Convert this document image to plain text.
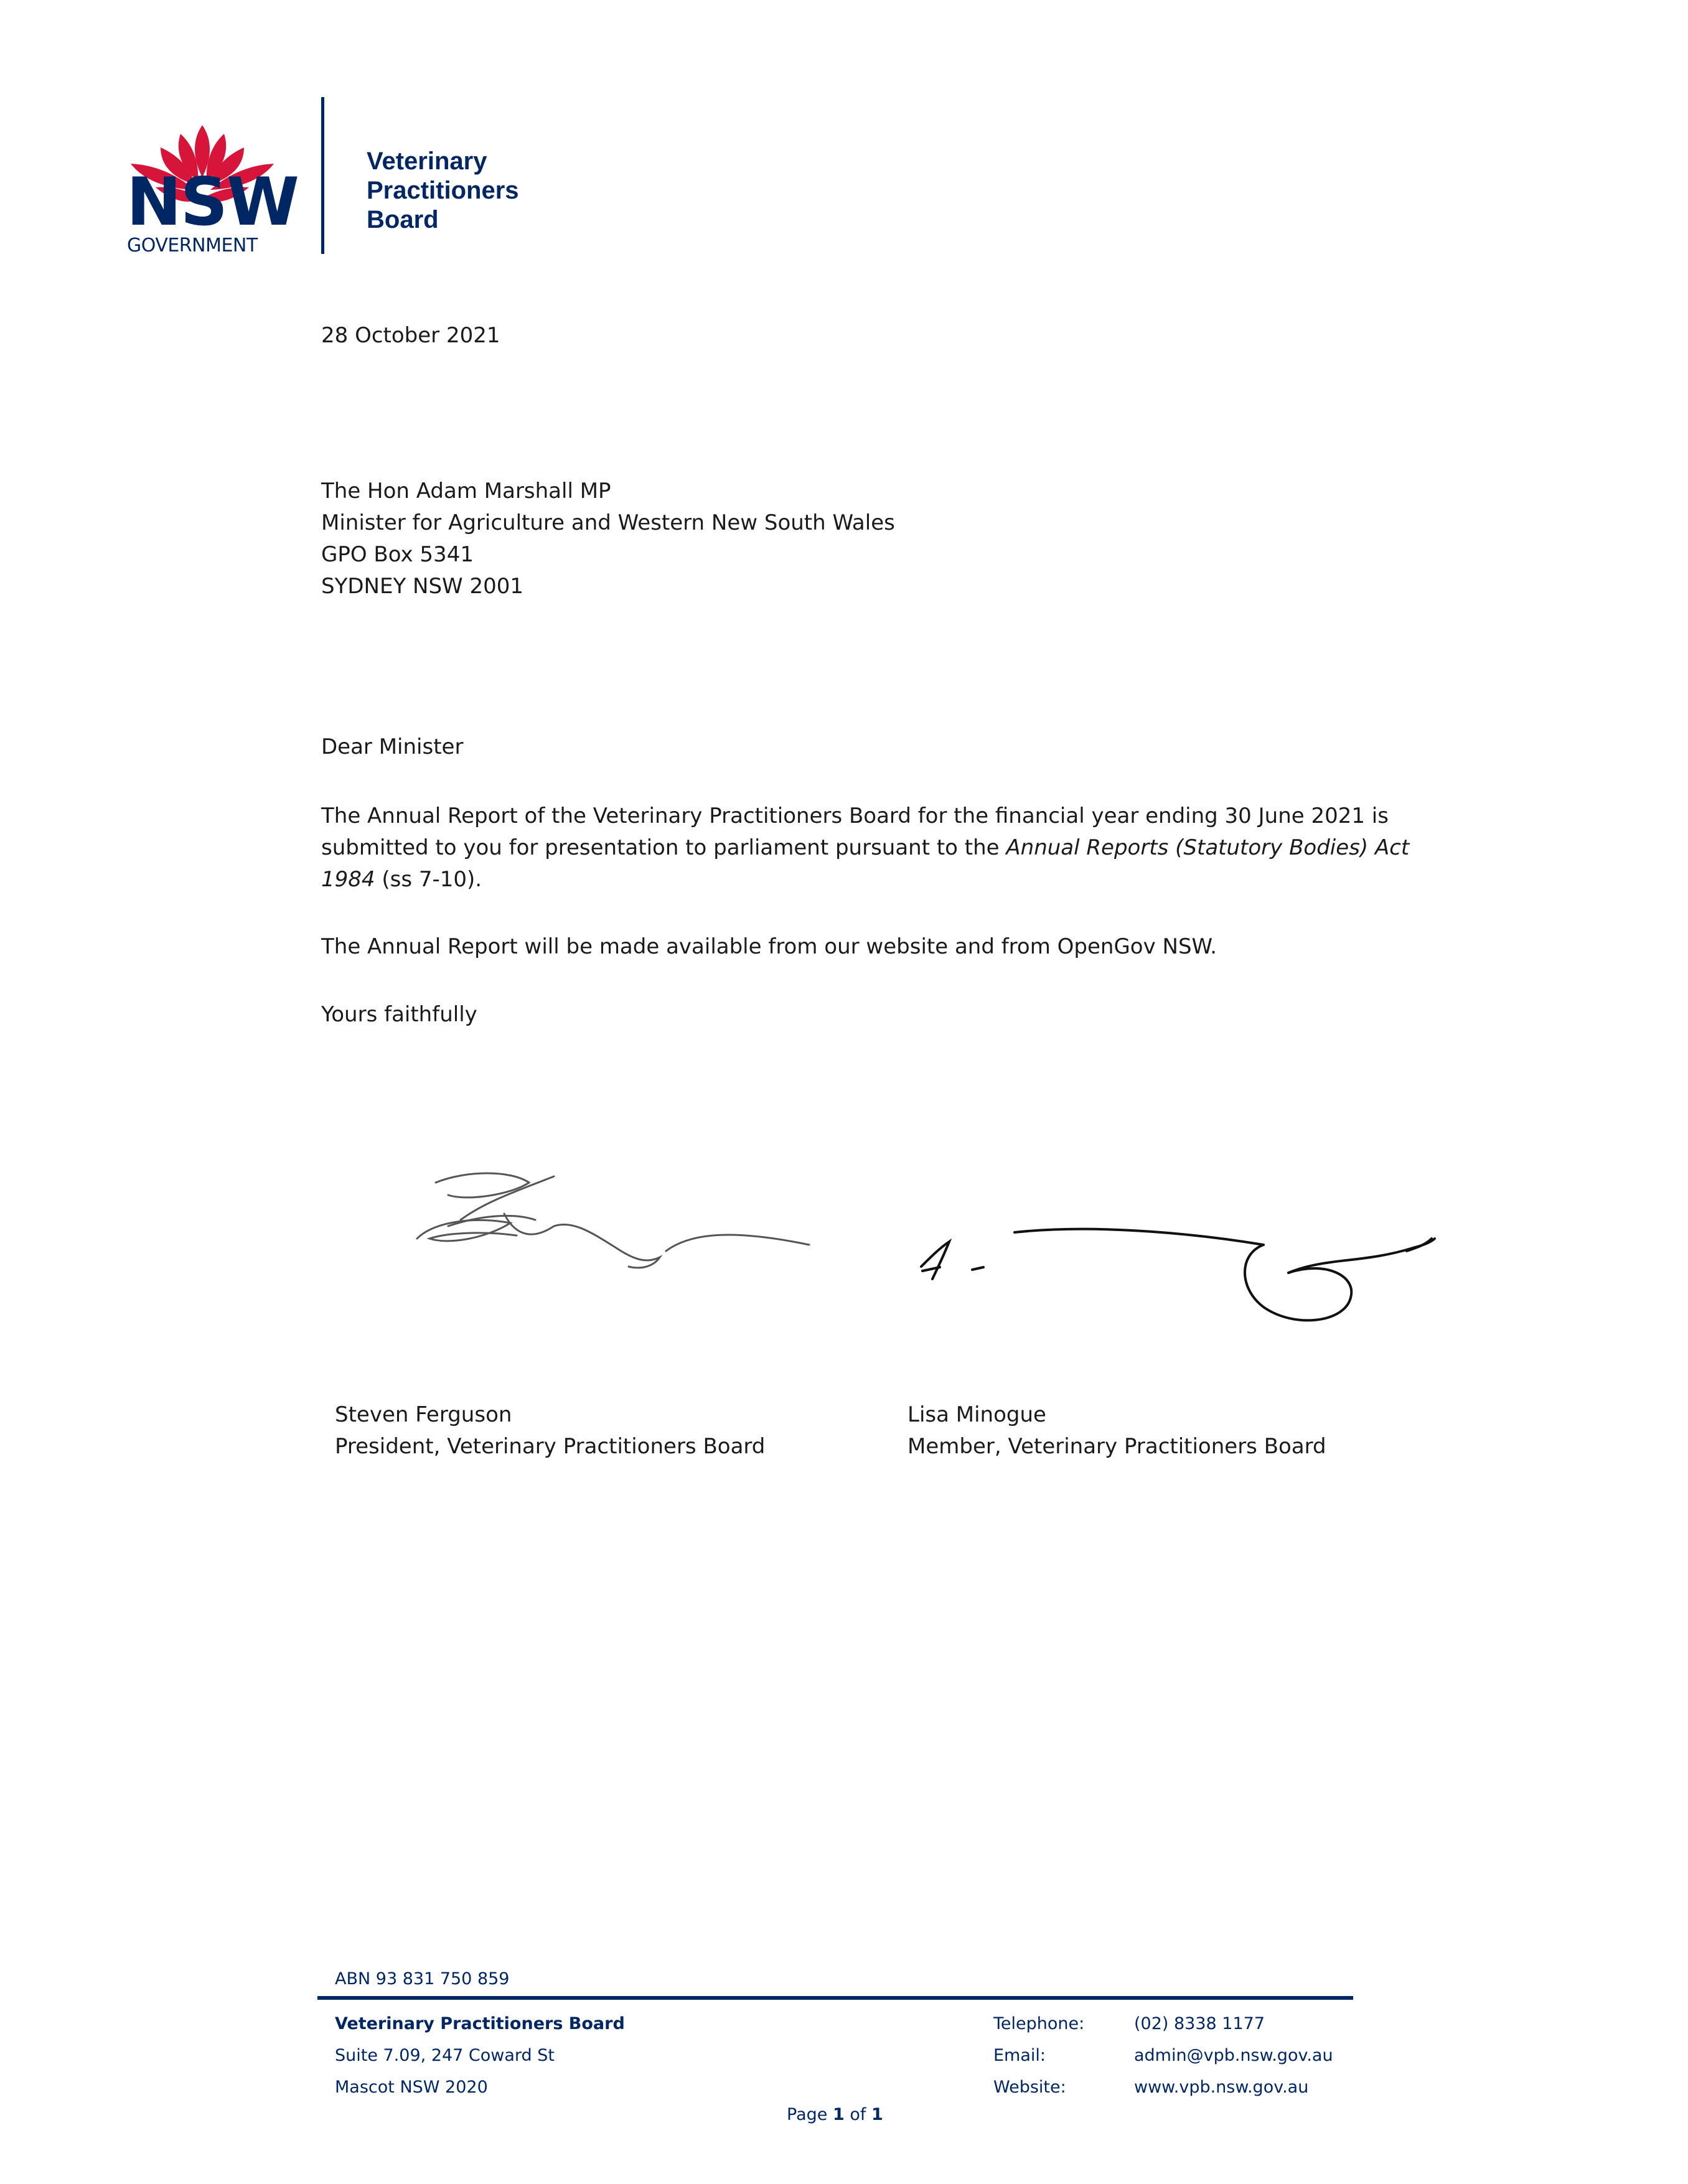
NSW
GOVERNMENT
Veterinary
Practitioners
Board
28 October 2021
The Hon Adam Marshall MP
Minister for Agriculture and Western New South Wales
GPO Box 5341
SYDNEY NSW 2001
Dear Minister
The Annual Report of the Veterinary Practitioners Board for the financial year ending 30 June 2021 is
submitted to you for presentation to parliament pursuant to the Annual Reports (Statutory Bodies) Act
1984 (ss 7-10).
The Annual Report will be made available from our website and from OpenGov NSW.
Yours faithfully
Steven Ferguson
President, Veterinary Practitioners Board
Lisa Minogue
Member, Veterinary Practitioners Board
ABN 93 831 750 859
Veterinary Practitioners Board
Suite 7.09, 247 Coward St
Mascot NSW 2020
Telephone:
Email:
Website:
(02) 8338 1177
admin@vpb.nsw.gov.au
www.vpb.nsw.gov.au
Page 1 of 1
